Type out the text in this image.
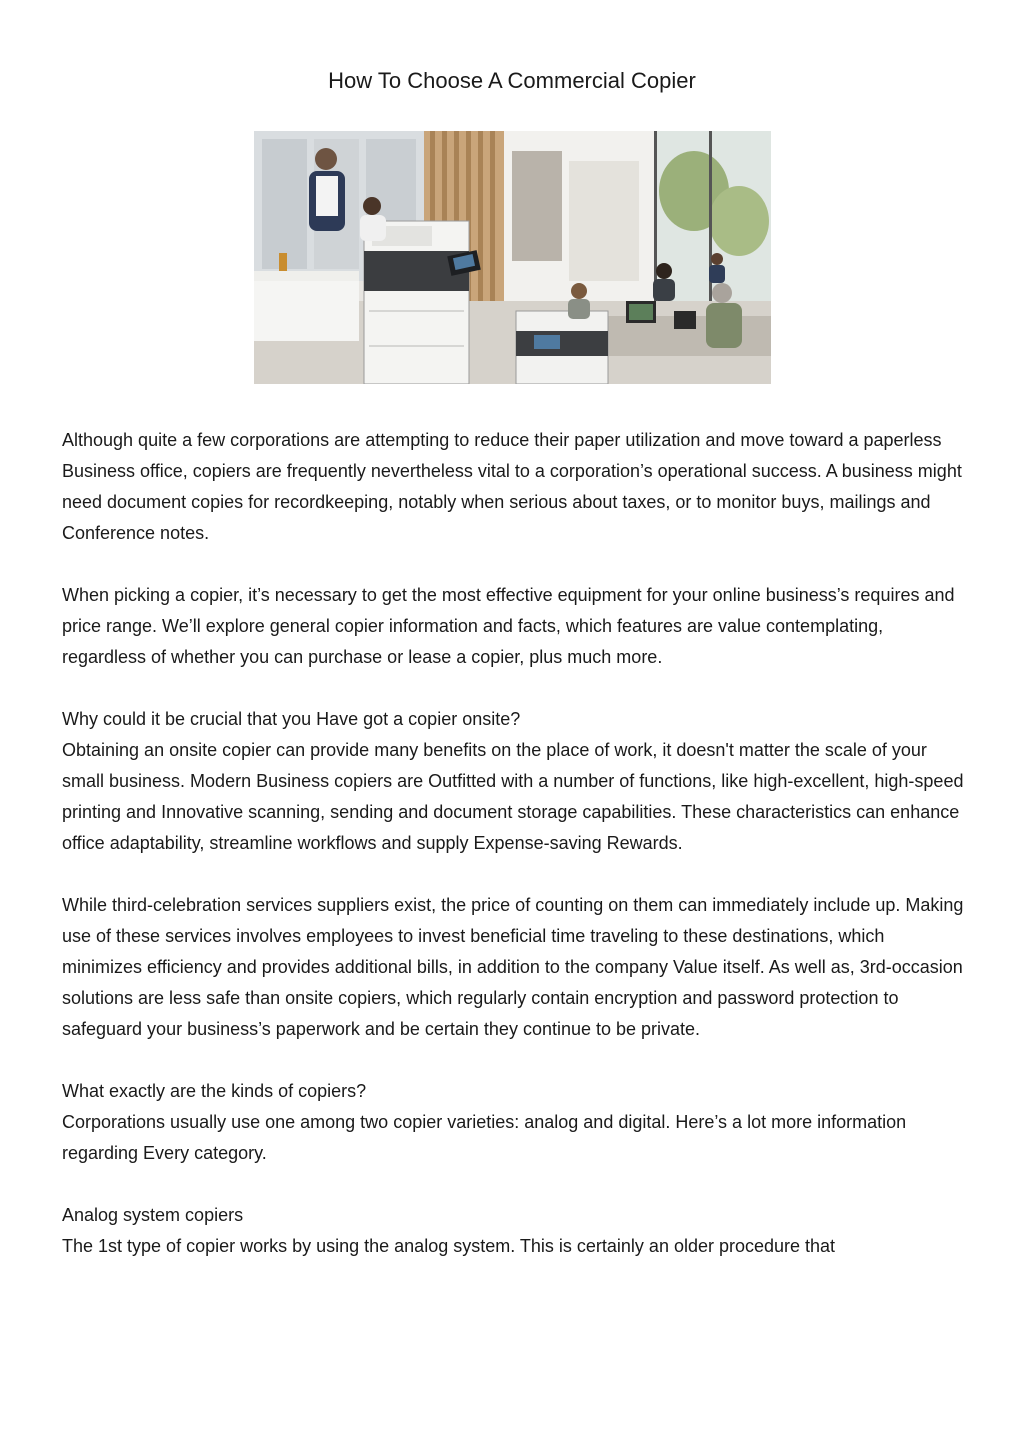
How To Choose A Commercial Copier

Although quite a few corporations are attempting to reduce their paper utilization and move toward a paperless Business office, copiers are frequently nevertheless vital to a corporation’s operational success. A business might need document copies for recordkeeping, notably when serious about taxes, or to monitor buys, mailings and Conference notes.

When picking a copier, it’s necessary to get the most effective equipment for your online business’s requires and price range. We’ll explore general copier information and facts, which features are value contemplating, regardless of whether you can purchase or lease a copier, plus much more.

Why could it be crucial that you Have got a copier onsite?

Obtaining an onsite copier can provide many benefits on the place of work, it doesn't matter the scale of your small business. Modern Business copiers are Outfitted with a number of functions, like high-excellent, high-speed printing and Innovative scanning, sending and document storage capabilities. These characteristics can enhance office adaptability, streamline workflows and supply Expense-saving Rewards.

While third-celebration services suppliers exist, the price of counting on them can immediately include up. Making use of these services involves employees to invest beneficial time traveling to these destinations, which minimizes efficiency and provides additional bills, in addition to the company Value itself. As well as, 3rd-occasion solutions are less safe than onsite copiers, which regularly contain encryption and password protection to safeguard your business’s paperwork and be certain they continue to be private.

What exactly are the kinds of copiers?

Corporations usually use one among two copier varieties: analog and digital. Here’s a lot more information regarding Every category.

Analog system copiers

The 1st type of copier works by using the analog system. This is certainly an older procedure that
